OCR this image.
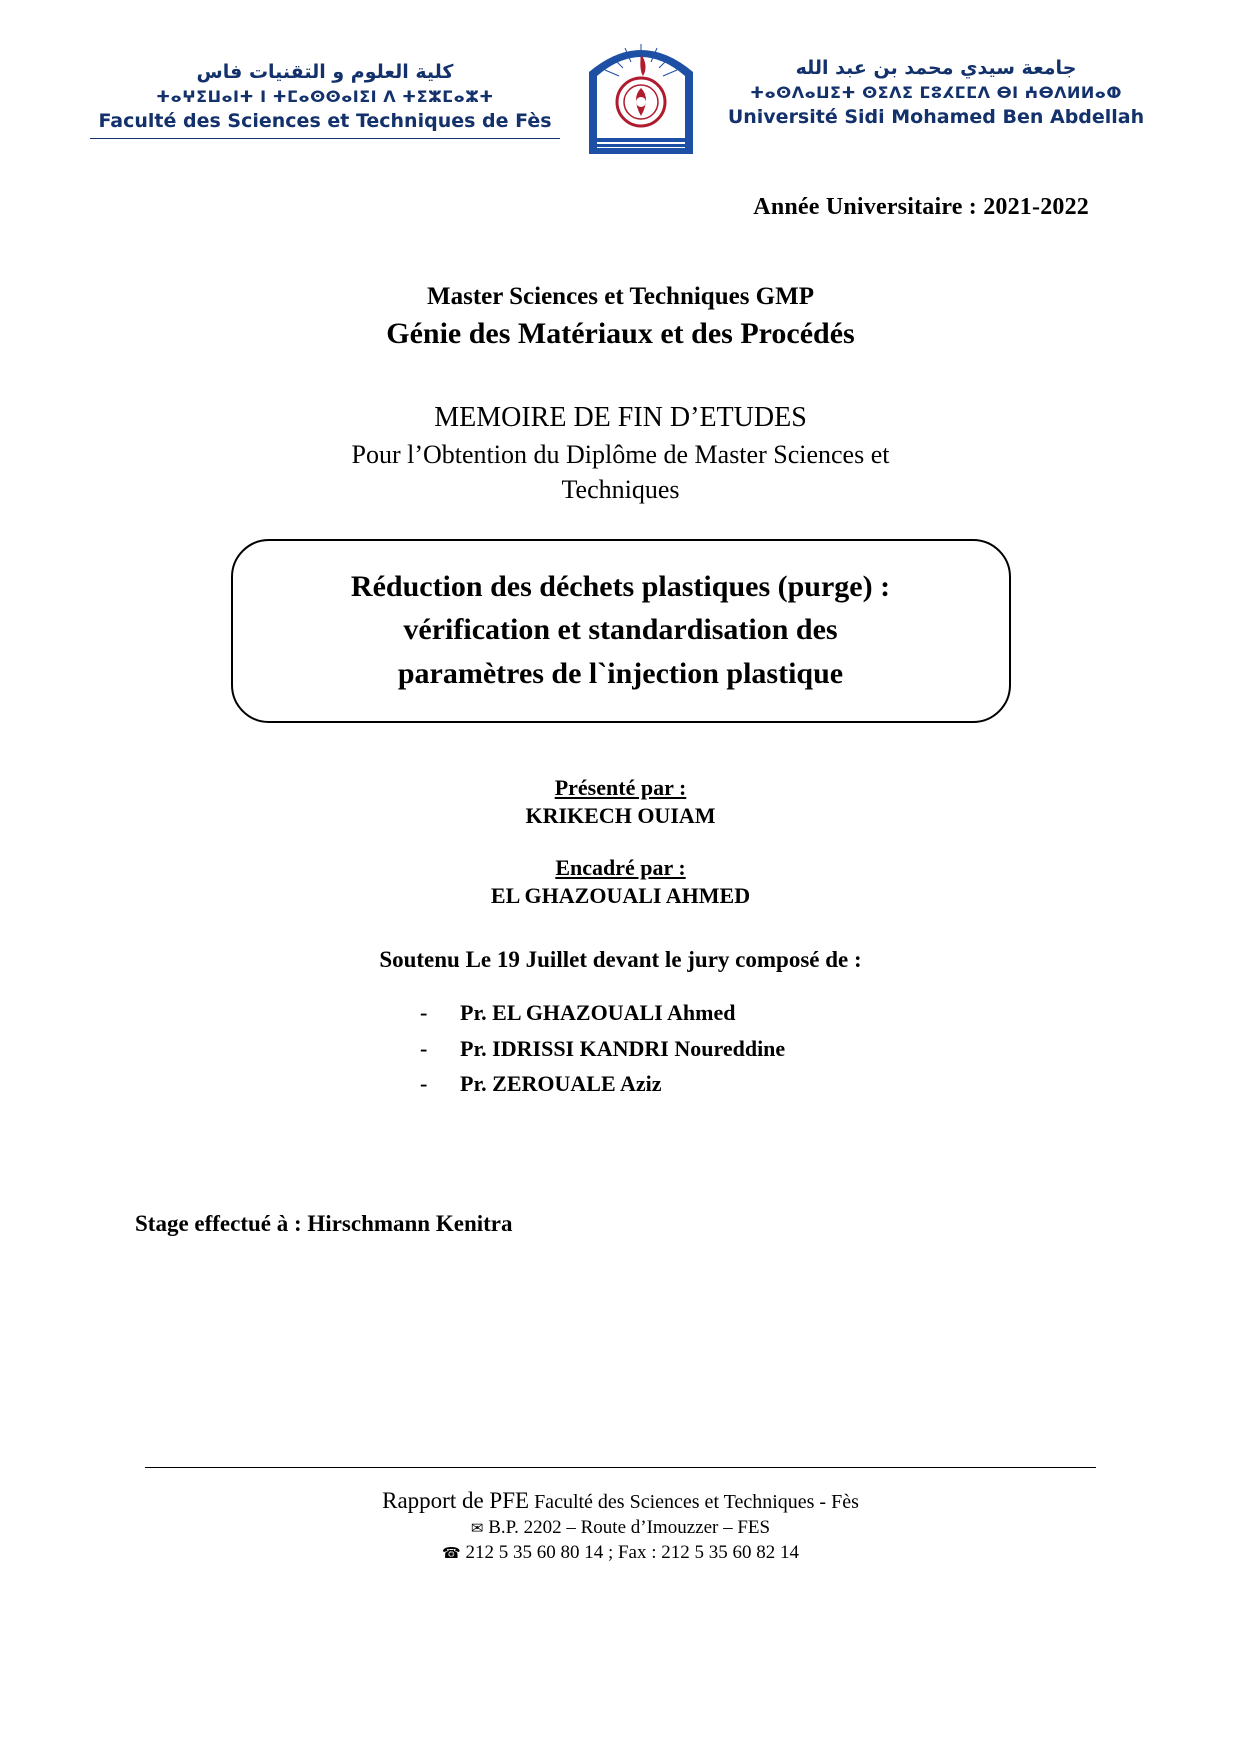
كلية العلوم و التقنيات فاس
ⵜⴰⵖⵉⵡⴰⵏⵜ ⵏ ⵜⵎⴰⵙⵙⴰⵏⵉⵏ ⴷ ⵜⵉⵣⵎⴰⵣⵜ
Faculté des Sciences et Techniques de Fès
جامعة سيدي محمد بن عبد الله
ⵜⴰⵙⴷⴰⵡⵉⵜ ⵙⵉⴷⵉ ⵎⵓⵃⵎⵎⴷ ⴱⵏ ⵄⴱⴷⵍⵍⴰⵀ
Université Sidi Mohamed Ben Abdellah
Année Universitaire : 2021-2022
Master Sciences et Techniques GMP
Génie des Matériaux et des Procédés
MEMOIRE DE FIN D’ETUDES
Pour l’Obtention du Diplôme de Master Sciences et
Techniques
Réduction des déchets plastiques (purge) :
vérification et standardisation des
paramètres de l`injection plastique
Présenté par :
KRIKECH OUIAM
Encadré par :
EL GHAZOUALI AHMED
Soutenu Le 19 Juillet devant le jury composé de :
- Pr. EL GHAZOUALI Ahmed
- Pr. IDRISSI KANDRI Noureddine
- Pr. ZEROUALE Aziz
Stage effectué à : Hirschmann Kenitra
Rapport de PFE Faculté des Sciences et Techniques - Fès
✉ B.P. 2202 – Route d’Imouzzer – FES
☎ 212 5 35 60 80 14 ; Fax : 212 5 35 60 82 14
